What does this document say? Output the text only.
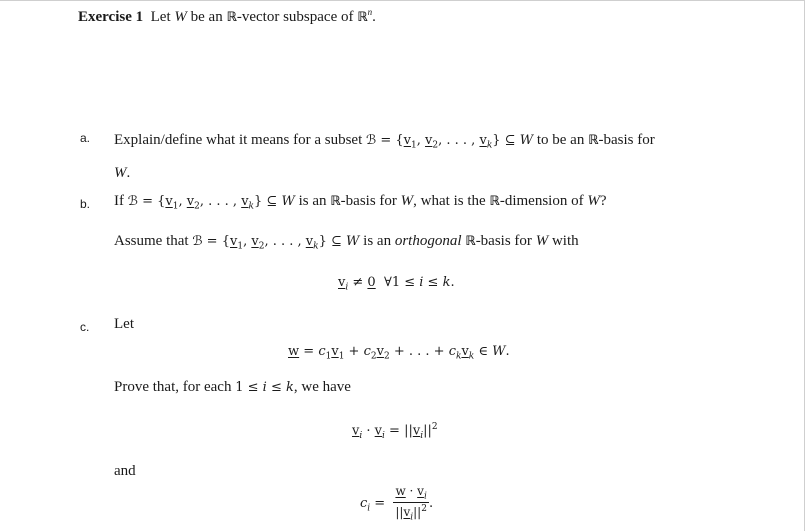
Exercise 1  Let W be an ℝ-vector subspace of ℝ$^n$.
a. Explain/define what it means for a subset ℬ = {$v_1$, $v_2$, . . . , $v_k$} ⊆ W to be an ℝ-basis for
W.
b. If ℬ = {$v_1$, $v_2$, . . . , $v_k$} ⊆ W is an ℝ-basis for W, what is the ℝ-dimension of W?
Assume that ℬ = {$v_1$, $v_2$, . . . , $v_k$} ⊆ W is an orthogonal ℝ-basis for W with
$v_i \ne 0$  ∀1 ≤ i ≤ k.
c. Let
$w = c_1v_1 + c_2v_2$ + . . . + $c_kv_k$ ∈ W.
Prove that, for each 1 ≤ i ≤ k, we have
$v_i \cdot v_i = ||v_i||^2$
and
$c_i = \frac{w \cdot v_i}{||v_i||^2}$ .
